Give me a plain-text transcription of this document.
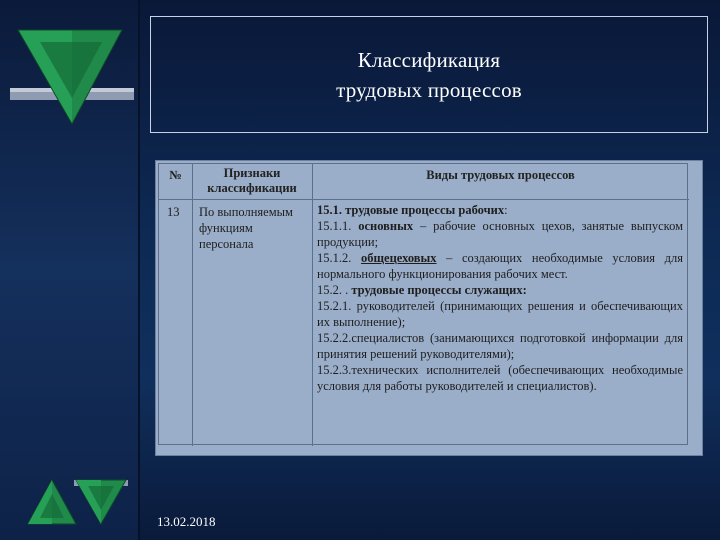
Классификация
трудовых процессов
№	Признаки классификации
Виды трудовых процессов
13 По выполняемым функциям персонала
15.1. трудовые процессы рабочих:
15.1.1. основных – рабочие основных цехов, занятые выпуском продукции;
15.1.2. общецеховых – создающих необходимые условия для нормального функционирования рабочих мест.
15.2. . трудовые процессы служащих:
15.2.1. руководителей (принимающих решения и обеспечивающих их выполнение);
15.2.2.специалистов (занимающихся подготовкой информации для принятия решений руководителями);
15.2.3.технических исполнителей (обеспечивающих необходимые условия для работы руководителей и специалистов).
13.02.2018
